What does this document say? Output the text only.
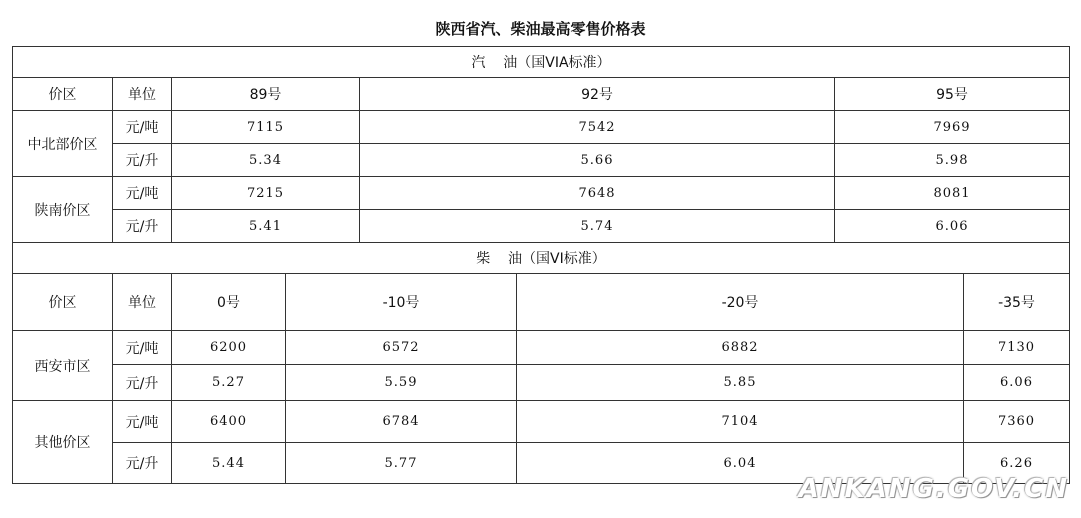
陕西省汽、柴油最高零售价格表
汽    油（国VIA标准）				
价区	单位	89号	92号	95号
中北部价区	元/吨	7115	7542	7969
	元/升	5.34	5.66	5.98
陕南价区	元/吨	7215	7648	8081
	元/升	5.41	5.74	6.06
柴    油（国VI标准）					
价区	单位	0号	-10号	-20号	-35号
西安市区	元/吨	6200	6572	6882	7130
	元/升	5.27	5.59	5.85	6.06
其他价区	元/吨	6400	6784	7104	7360
	元/升	5.44	5.77	6.04	6.26
ANKANG.GOV.CN
